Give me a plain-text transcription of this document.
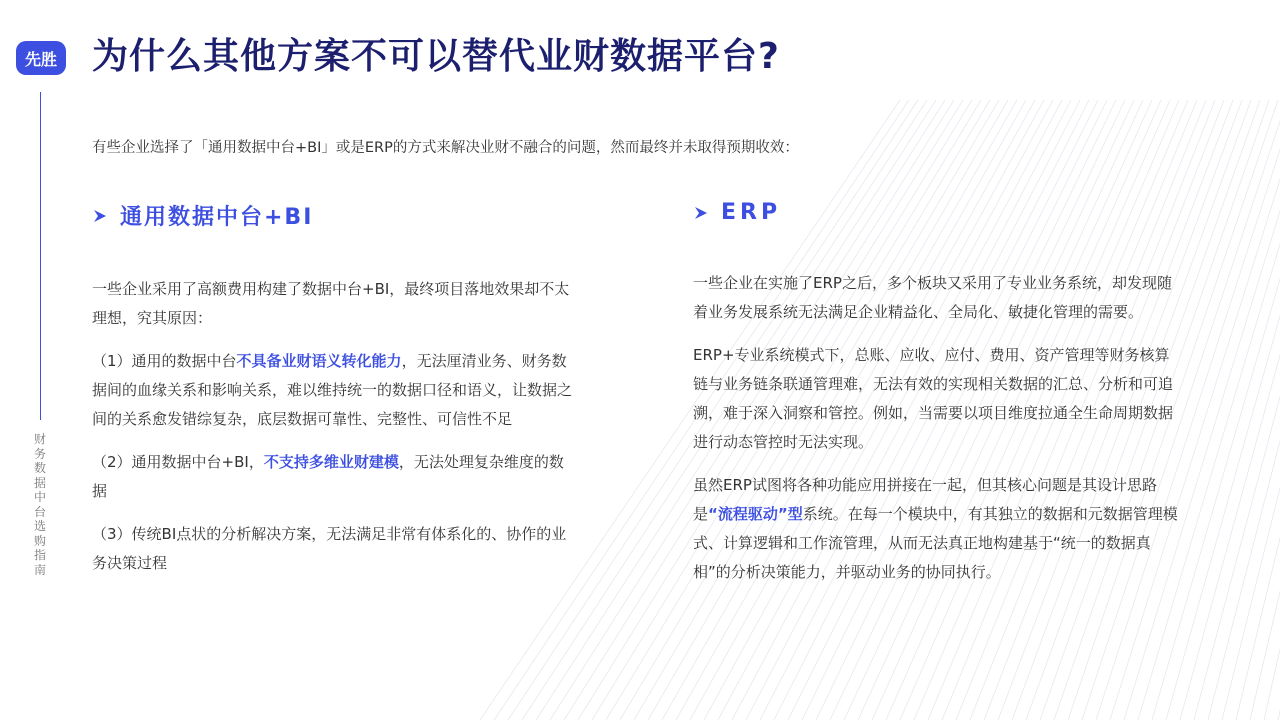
先胜
财
务
数
据
中
台
选
购
指
南
为什么其他方案不可以替代业财数据平台?

有些企业选择了「通用数据中台+BI」或是ERP的方式来解决业财不融合的问题，然而最终并未取得预期收效：

通用数据中台+BI

一些企业采用了高额费用构建了数据中台+BI，最终项目落地效果却不太理想，究其原因：

（1）通用的数据中台不具备业财语义转化能力，无法厘清业务、财务数据间的血缘关系和影响关系，难以维持统一的数据口径和语义，让数据之间的关系愈发错综复杂，底层数据可靠性、完整性、可信性不足

（2）通用数据中台+BI，不支持多维业财建模，无法处理复杂维度的数据

（3）传统BI点状的分析解决方案，无法满足非常有体系化的、协作的业务决策过程

ERP

一些企业在实施了ERP之后，多个板块又采用了专业业务系统，却发现随着业务发展系统无法满足企业精益化、全局化、敏捷化管理的需要。

ERP+专业系统模式下，总账、应收、应付、费用、资产管理等财务核算链与业务链条联通管理难，无法有效的实现相关数据的汇总、分析和可追溯，难于深入洞察和管控。例如，当需要以项目维度拉通全生命周期数据进行动态管控时无法实现。

虽然ERP试图将各种功能应用拼接在一起，但其核心问题是其设计思路是“流程驱动”型系统。在每一个模块中，有其独立的数据和元数据管理模式、计算逻辑和工作流管理，从而无法真正地构建基于“统一的数据真相”的分析决策能力，并驱动业务的协同执行。
